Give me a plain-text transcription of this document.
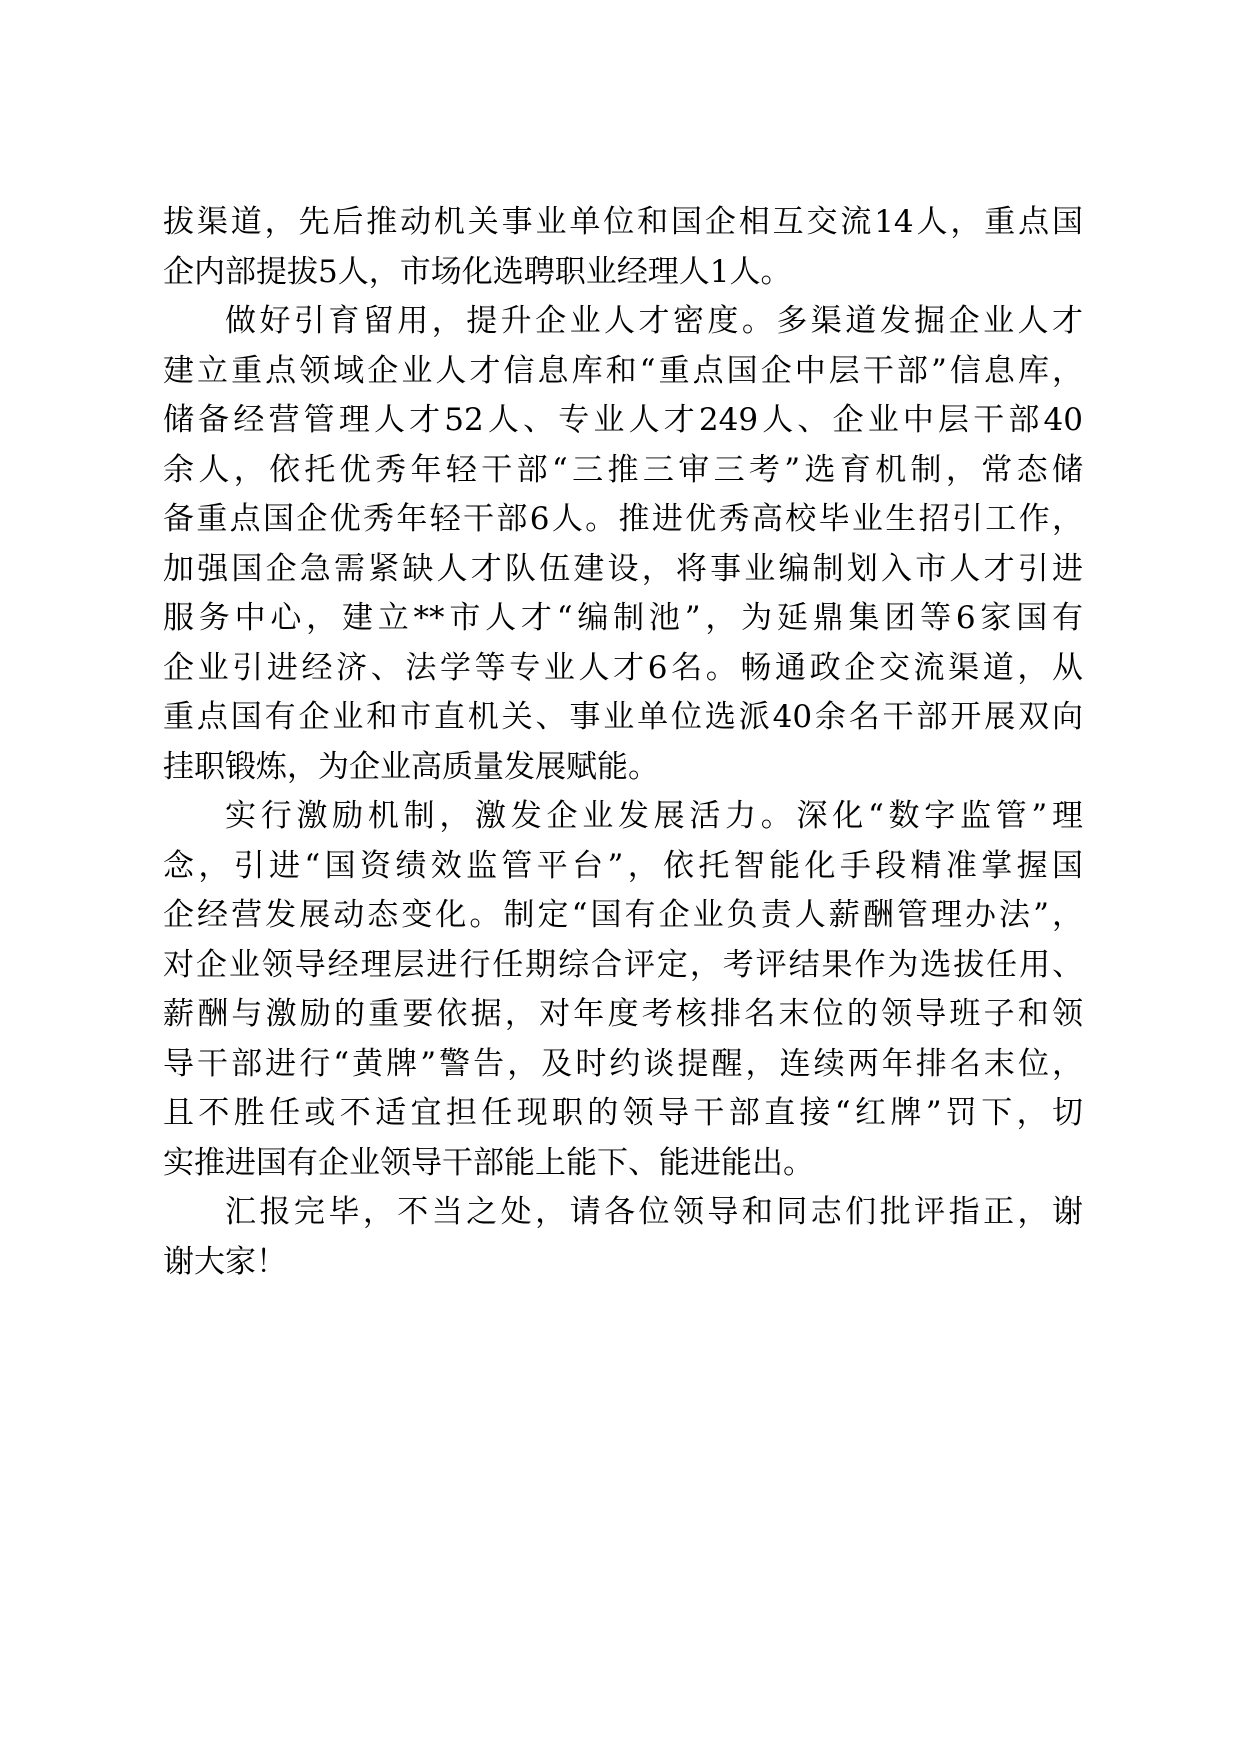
拔渠道，先后推动机关事业单位和国企相互交流14人，重点国
企内部提拔5人，市场化选聘职业经理人1人。
做好引育留用，提升企业人才密度。多渠道发掘企业人才
建立重点领域企业人才信息库和“重点国企中层干部”信息库，
储备经营管理人才52人、专业人才249人、企业中层干部40
余人，依托优秀年轻干部“三推三审三考”选育机制，常态储
备重点国企优秀年轻干部6人。推进优秀高校毕业生招引工作，
加强国企急需紧缺人才队伍建设，将事业编制划入市人才引进
服务中心，建立**市人才“编制池”，为延鼎集团等6家国有
企业引进经济、法学等专业人才6名。畅通政企交流渠道，从
重点国有企业和市直机关、事业单位选派40余名干部开展双向
挂职锻炼，为企业高质量发展赋能。
实行激励机制，激发企业发展活力。深化“数字监管”理
念，引进“国资绩效监管平台”，依托智能化手段精准掌握国
企经营发展动态变化。制定“国有企业负责人薪酬管理办法”，
对企业领导经理层进行任期综合评定，考评结果作为选拔任用、
薪酬与激励的重要依据，对年度考核排名末位的领导班子和领
导干部进行“黄牌”警告，及时约谈提醒，连续两年排名末位，
且不胜任或不适宜担任现职的领导干部直接“红牌”罚下，切
实推进国有企业领导干部能上能下、能进能出。
汇报完毕，不当之处，请各位领导和同志们批评指正，谢
谢大家！
